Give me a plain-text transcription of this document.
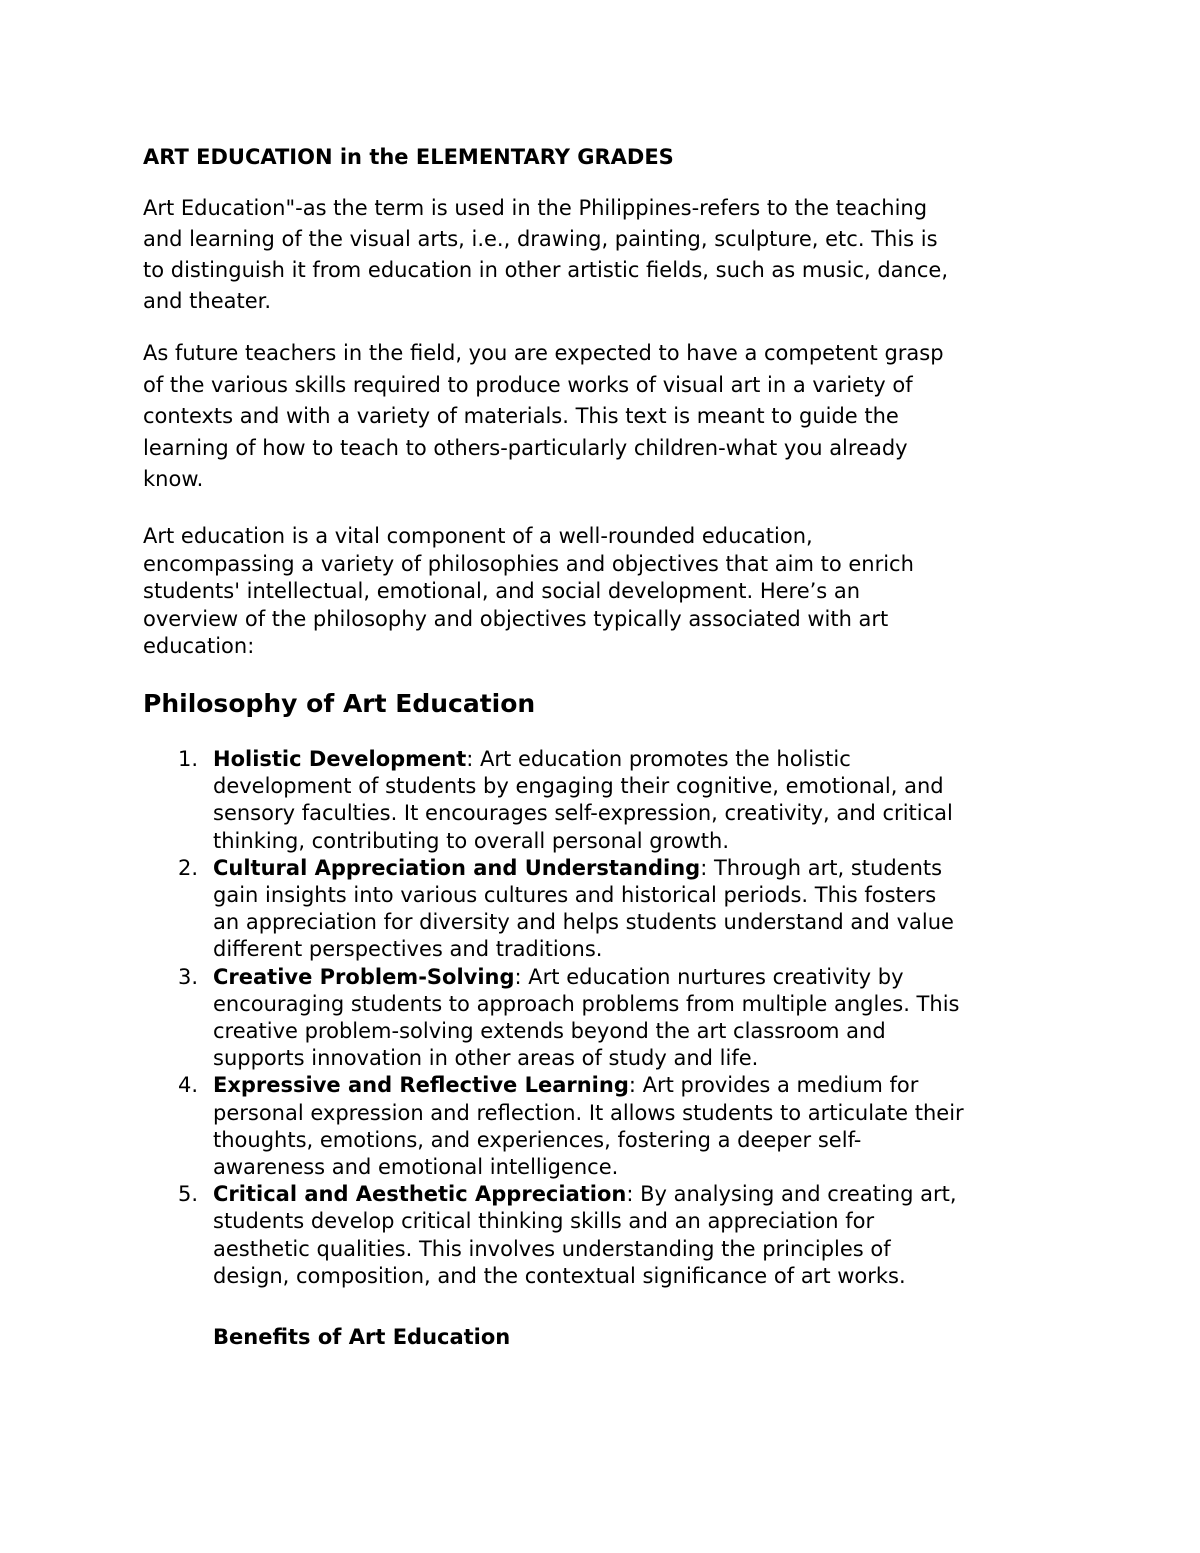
ART EDUCATION in the ELEMENTARY GRADES

Art Education"-as the term is used in the Philippines-refers to the teaching
and learning of the visual arts, i.e., drawing, painting, sculpture, etc. This is
to distinguish it from education in other artistic fields, such as music, dance,
and theater.

As future teachers in the field, you are expected to have a competent grasp
of the various skills required to produce works of visual art in a variety of
contexts and with a variety of materials. This text is meant to guide the
learning of how to teach to others-particularly children-what you already
know.

Art education is a vital component of a well-rounded education,
encompassing a variety of philosophies and objectives that aim to enrich
students' intellectual, emotional, and social development. Here’s an
overview of the philosophy and objectives typically associated with art
education:

Philosophy of Art Education
1. Holistic Development: Art education promotes the holistic
development of students by engaging their cognitive, emotional, and
sensory faculties. It encourages self-expression, creativity, and critical
thinking, contributing to overall personal growth.
2. Cultural Appreciation and Understanding: Through art, students
gain insights into various cultures and historical periods. This fosters
an appreciation for diversity and helps students understand and value
different perspectives and traditions.
3. Creative Problem-Solving: Art education nurtures creativity by
encouraging students to approach problems from multiple angles. This
creative problem-solving extends beyond the art classroom and
supports innovation in other areas of study and life.
4. Expressive and Reflective Learning: Art provides a medium for
personal expression and reflection. It allows students to articulate their
thoughts, emotions, and experiences, fostering a deeper self-
awareness and emotional intelligence.
5. Critical and Aesthetic Appreciation: By analysing and creating art,
students develop critical thinking skills and an appreciation for
aesthetic qualities. This involves understanding the principles of
design, composition, and the contextual significance of art works.
Benefits of Art Education
